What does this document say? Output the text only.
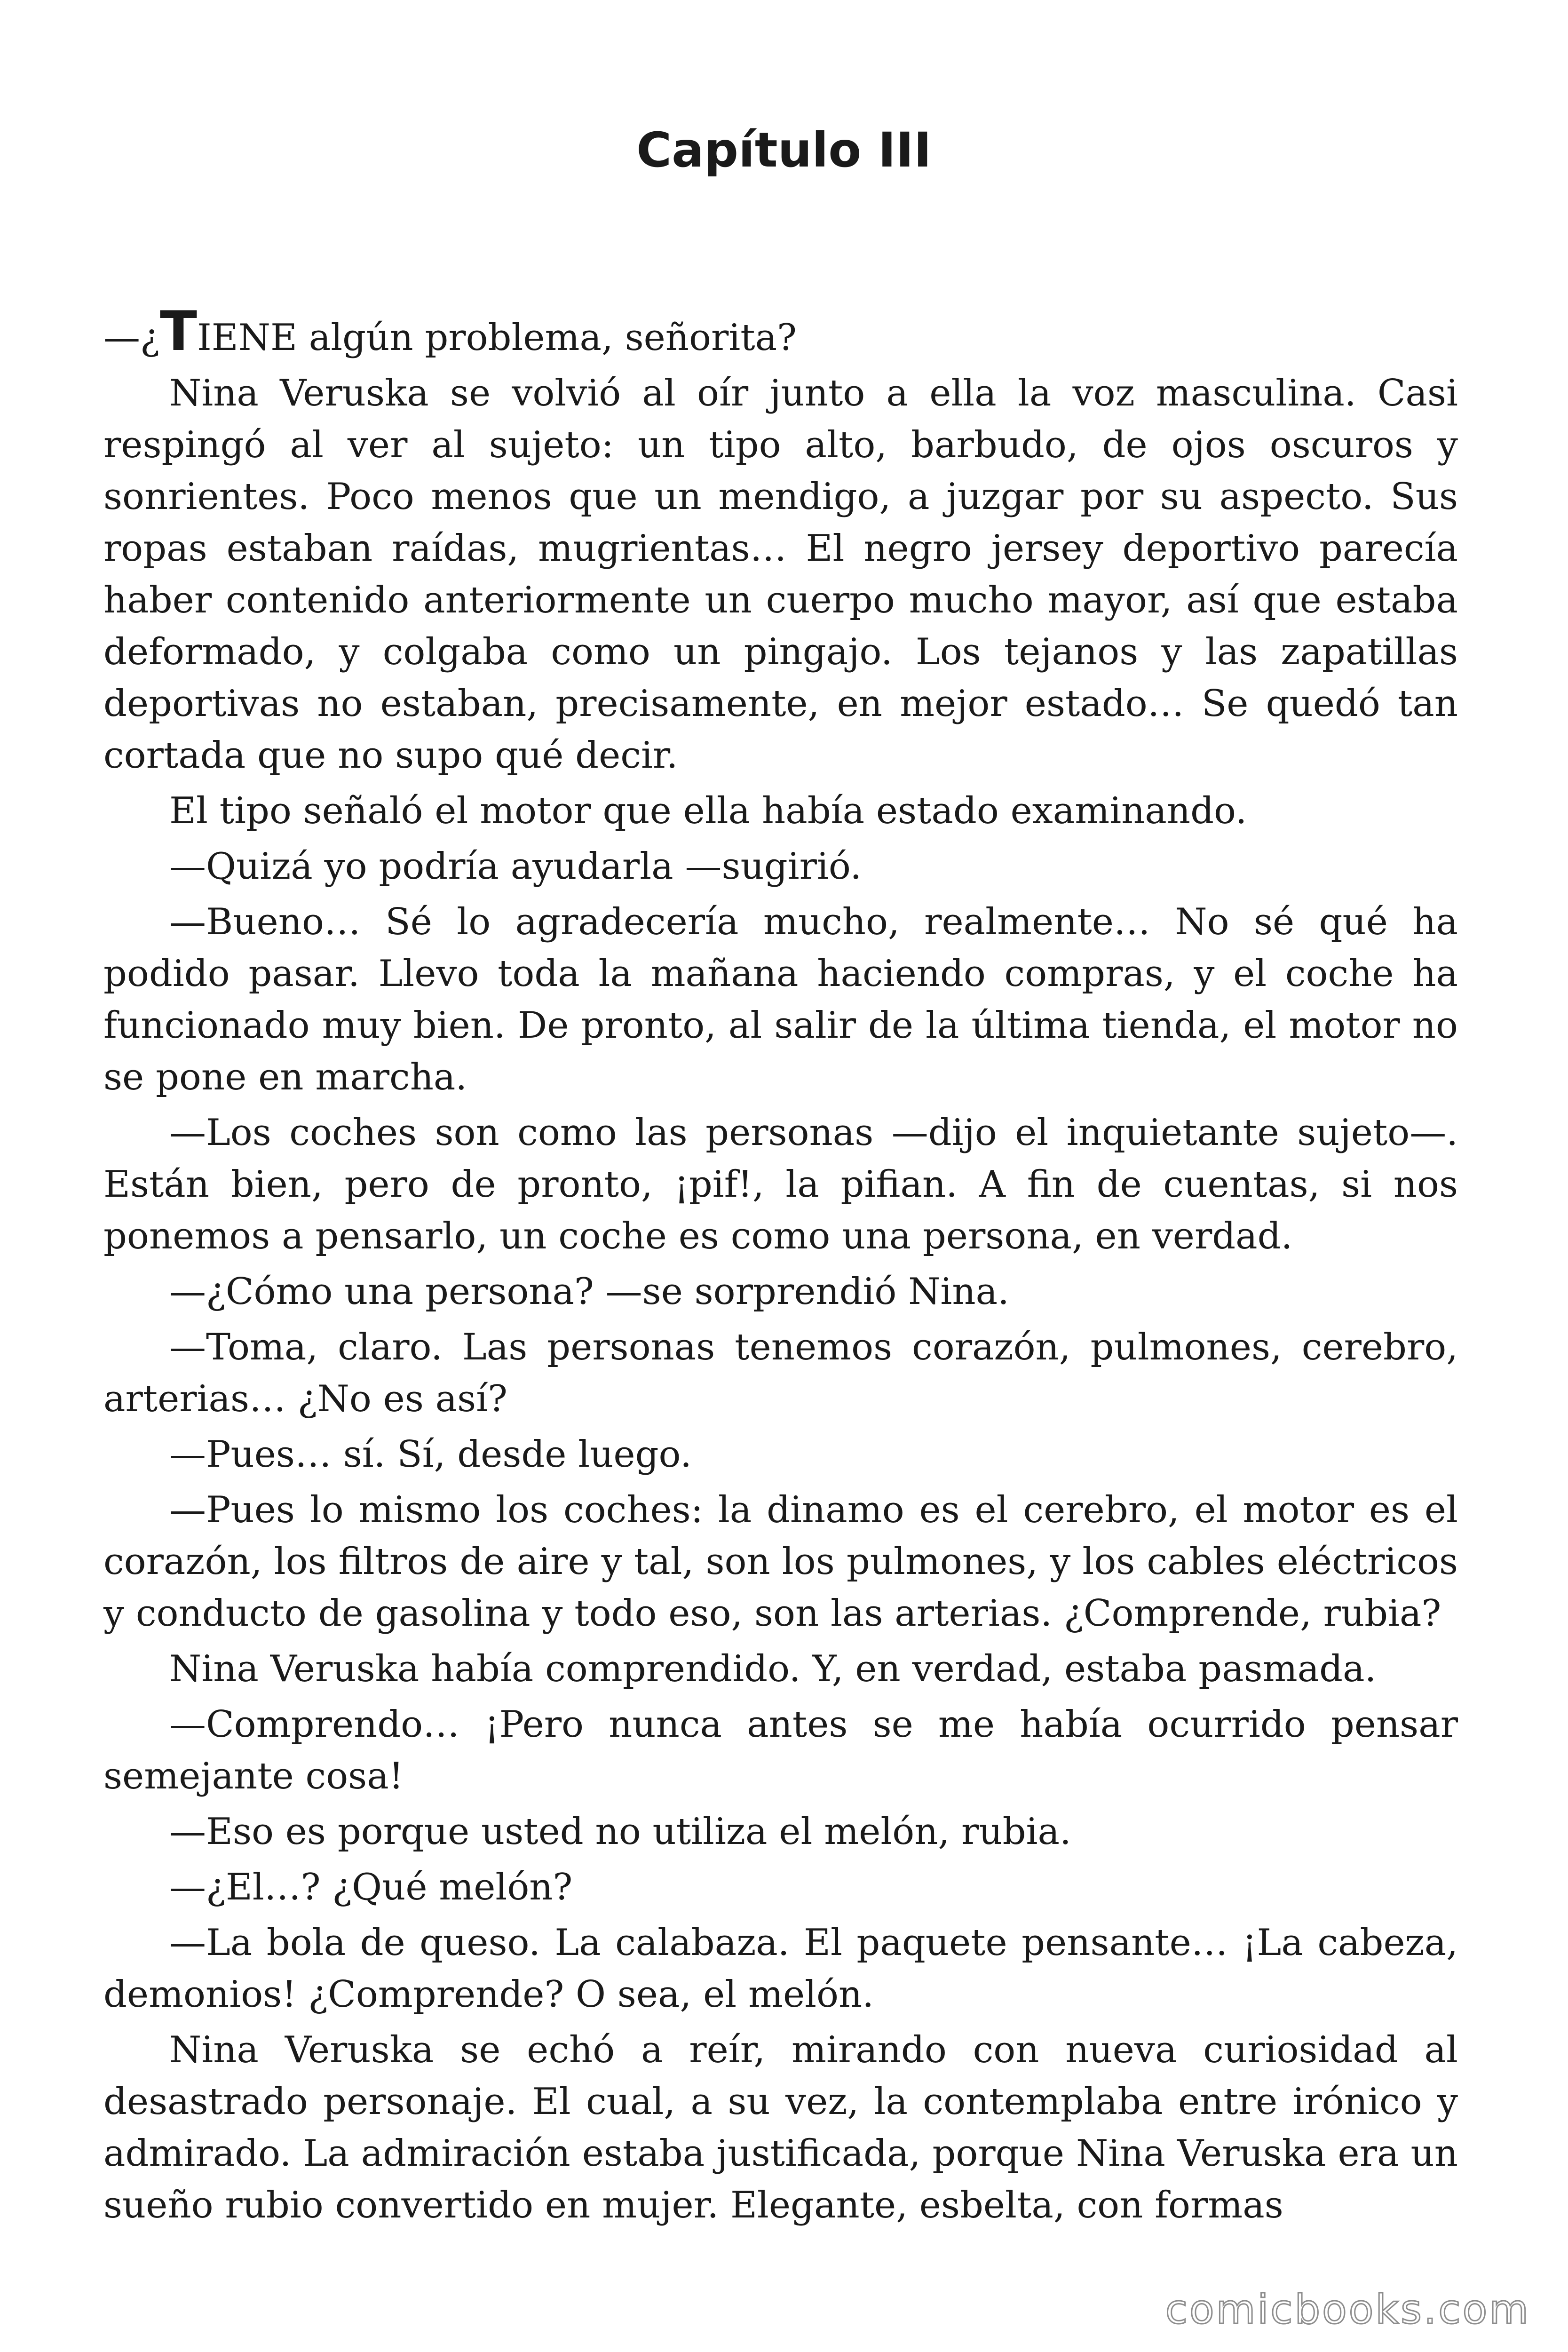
Capítulo III

—¿TIENE algún problema, señorita?

Nina Veruska se volvió al oír junto a ella la voz masculina. Casi respingó al ver al sujeto: un tipo alto, barbudo, de ojos oscuros y sonrientes. Poco menos que un mendigo, a juzgar por su aspecto. Sus ropas estaban raídas, mugrientas… El negro jersey deportivo parecía haber contenido anteriormente un cuerpo mucho mayor, así que estaba deformado, y colgaba como un pingajo. Los tejanos y las zapatillas deportivas no estaban, precisamente, en mejor estado… Se quedó tan cortada que no supo qué decir.

El tipo señaló el motor que ella había estado examinando.

—Quizá yo podría ayudarla —sugirió.

—Bueno… Sé lo agradecería mucho, realmente… No sé qué ha podido pasar. Llevo toda la mañana haciendo compras, y el coche ha funcionado muy bien. De pronto, al salir de la última tienda, el motor no se pone en marcha.

—Los coches son como las personas —dijo el inquietante sujeto—. Están bien, pero de pronto, ¡pif!, la pifian. A fin de cuentas, si nos ponemos a pensarlo, un coche es como una persona, en verdad.

—¿Cómo una persona? —se sorprendió Nina.

—Toma, claro. Las personas tenemos corazón, pulmones, cerebro, arterias… ¿No es así?

—Pues… sí. Sí, desde luego.

—Pues lo mismo los coches: la dinamo es el cerebro, el motor es el corazón, los filtros de aire y tal, son los pulmones, y los cables eléctricos y conducto de gasolina y todo eso, son las arterias. ¿Comprende, rubia?

Nina Veruska había comprendido. Y, en verdad, estaba pasmada.

—Comprendo… ¡Pero nunca antes se me había ocurrido pensar semejante cosa!

—Eso es porque usted no utiliza el melón, rubia.

—¿El…? ¿Qué melón?

—La bola de queso. La calabaza. El paquete pensante… ¡La cabeza, demonios! ¿Comprende? O sea, el melón.

Nina Veruska se echó a reír, mirando con nueva curiosidad al desastrado personaje. El cual, a su vez, la contemplaba entre irónico y admirado. La admiración estaba justificada, porque Nina Veruska era un sueño rubio convertido en mujer. Elegante, esbelta, con formas

comicbooks.com
